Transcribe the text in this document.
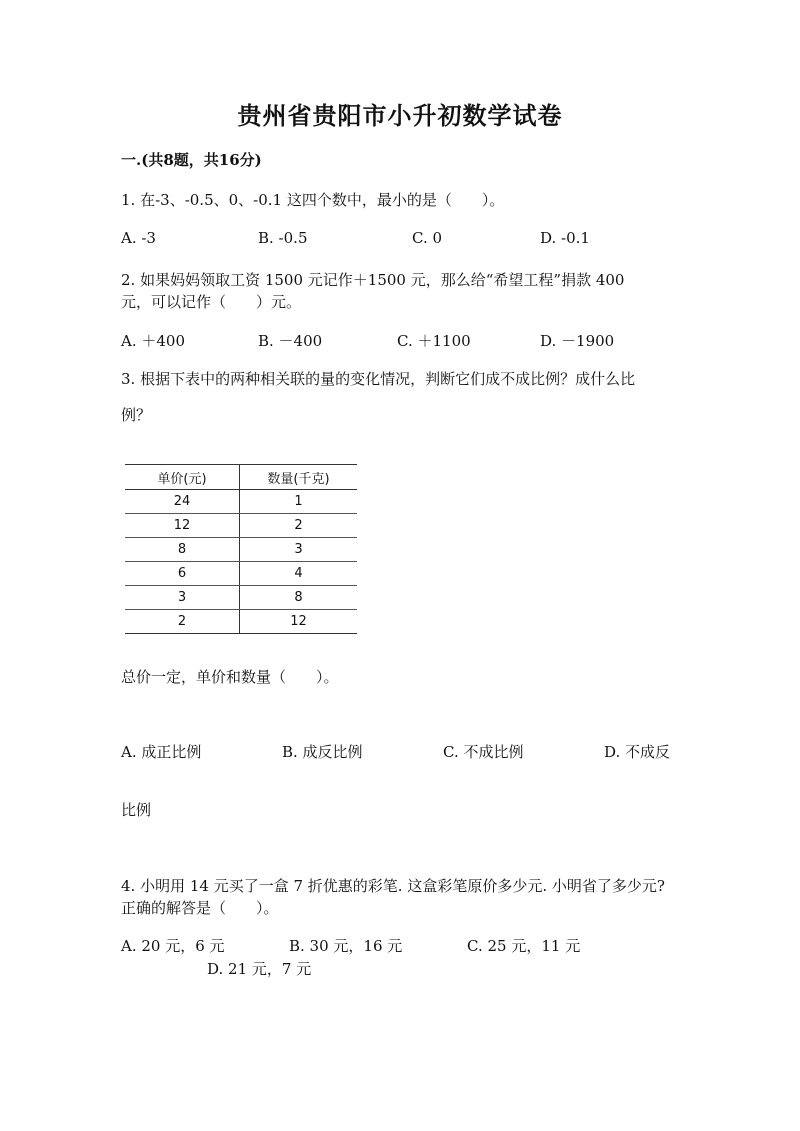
贵州省贵阳市小升初数学试卷
一.(共8题，共16分)
1. 在-3、-0.5、0、-0.1 这四个数中，最小的是（　　）。
A. -3	B. -0.5	C. 0	D. -0.1
2. 如果妈妈领取工资 1500 元记作＋1500 元，那么给“希望工程”捐款 400
元，可以记作（　　）元。
A. ＋400	B. －400	C. ＋1100	D. －1900
3. 根据下表中的两种相关联的量的变化情况，判断它们成不成比例？成什么比
例？
单价(元)	数量(千克)
24	1
12	2
8	3
6	4
3	8
2	12
总价一定，单价和数量（　　）。
A. 成正比例	B. 成反比例	C. 不成比例	D. 不成反
比例
4. 小明用 14 元买了一盒 7 折优惠的彩笔. 这盒彩笔原价多少元. 小明省了多少元?
正确的解答是（　　）。
A. 20 元，6 元	B. 30 元，16 元	C. 25 元，11 元
D. 21 元，7 元
